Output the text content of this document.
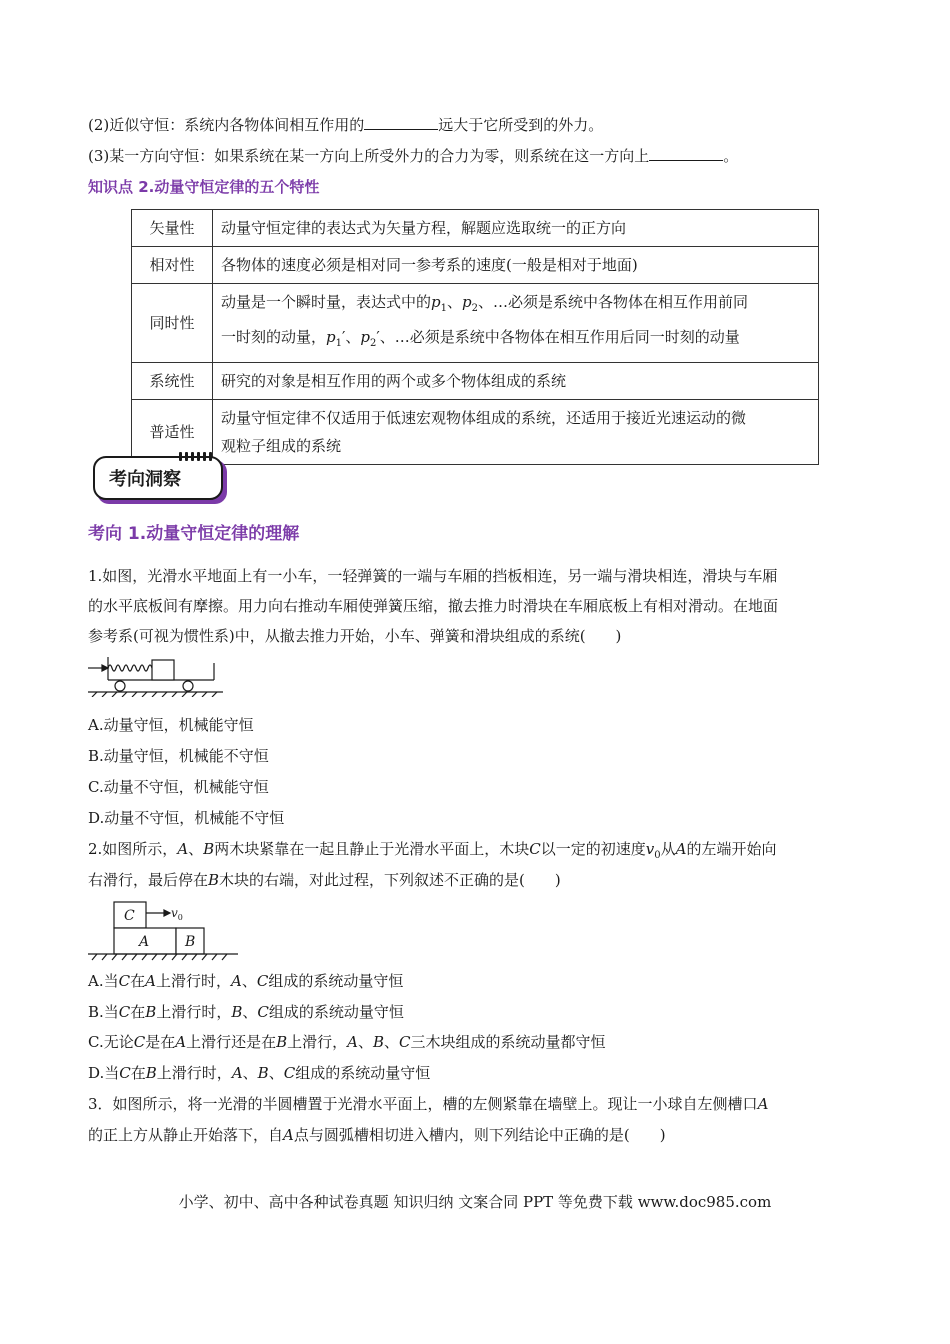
(2)近似守恒：系统内各物体间相互作用的	远大于它所受到的外力。
(3)某一方向守恒：如果系统在某一方向上所受外力的合力为零，则系统在这一方向上	。
知识点 2.动量守恒定律的五个特性
矢量性	动量守恒定律的表达式为矢量方程，解题应选取统一的正方向
相对性	各物体的速度必须是相对同一参考系的速度(一般是相对于地面)
同时性	动量是一个瞬时量，表达式中的$p_1$、$p_2$、…必须是系统中各物体在相互作用前同
一时刻的动量，$p_1'$、$p_2'$、…必须是系统中各物体在相互作用后同一时刻的动量
系统性	研究的对象是相互作用的两个或多个物体组成的系统
普适性	动量守恒定律不仅适用于低速宏观物体组成的系统，还适用于接近光速运动的微
观粒子组成的系统
考向洞察
考向 1.动量守恒定律的理解
1.如图，光滑水平地面上有一小车，一轻弹簧的一端与车厢的挡板相连，另一端与滑块相连，滑块与车厢
的水平底板间有摩擦。用力向右推动车厢使弹簧压缩，撤去推力时滑块在车厢底板上有相对滑动。在地面
参考系(可视为惯性系)中，从撤去推力开始，小车、弹簧和滑块组成的系统(　　)
A.动量守恒，机械能守恒
B.动量守恒，机械能不守恒
C.动量不守恒，机械能守恒
D.动量不守恒，机械能不守恒
2.如图所示，A、B两木块紧靠在一起且静止于光滑水平面上，木块C以一定的初速度$v_0$从A的左端开始向
右滑行，最后停在B木块的右端，对此过程，下列叙述不正确的是(　　)
C
A	B
$v_0$
A.当C在A上滑行时，A、C组成的系统动量守恒
B.当C在B上滑行时，B、C组成的系统动量守恒
C.无论C是在A上滑行还是在B上滑行，A、B、C三木块组成的系统动量都守恒
D.当C在B上滑行时，A、B、C组成的系统动量守恒
3．如图所示，将一光滑的半圆槽置于光滑水平面上，槽的左侧紧靠在墙壁上。现让一小球自左侧槽口A
的正上方从静止开始落下，自A点与圆弧槽相切进入槽内，则下列结论中正确的是(　　)
小学、初中、高中各种试卷真题 知识归纳 文案合同 PPT 等免费下载 www.doc985.com
